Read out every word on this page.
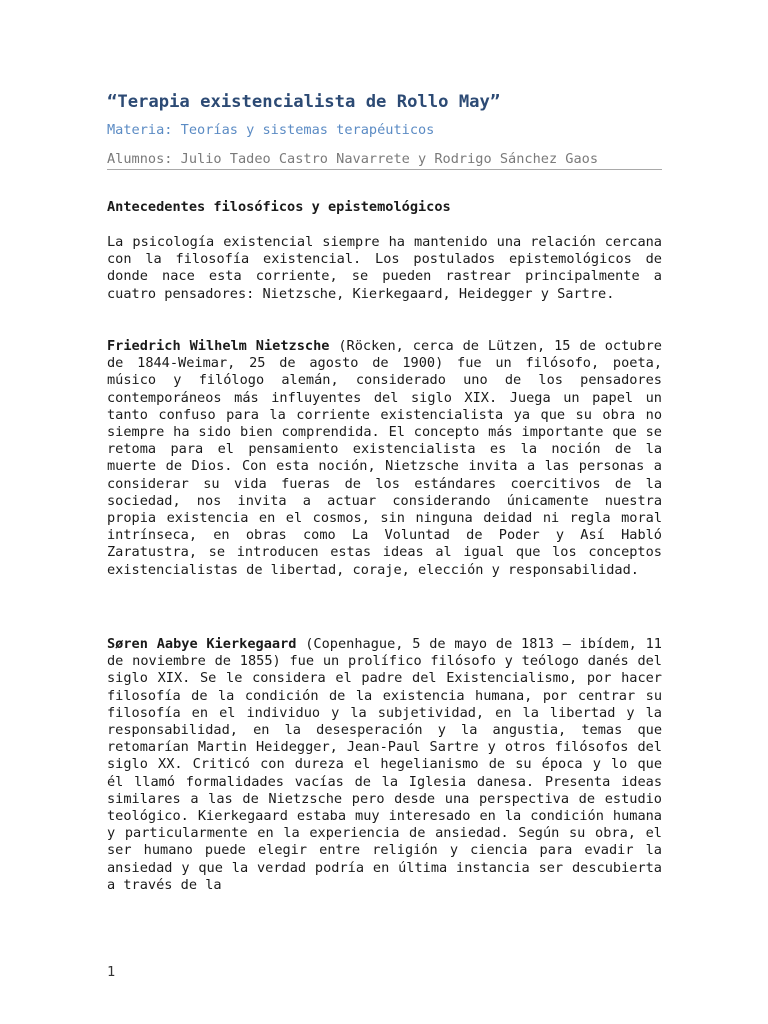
“Terapia existencialista de Rollo May”
Materia: Teorías y sistemas terapéuticos
Alumnos: Julio Tadeo Castro Navarrete y Rodrigo Sánchez Gaos
Antecedentes filosóficos y epistemológicos

La psicología existencial siempre ha mantenido una relación cercana con la filosofía existencial. Los postulados epistemológicos de donde nace esta corriente, se pueden rastrear principalmente a cuatro pensadores: Nietzsche, Kierkegaard, Heidegger y Sartre.

Friedrich Wilhelm Nietzsche (Röcken, cerca de Lützen, 15 de octubre de 1844-Weimar, 25 de agosto de 1900) fue un filósofo, poeta, músico y filólogo alemán, considerado uno de los pensadores contemporáneos más influyentes del siglo XIX. Juega un papel un tanto confuso para la corriente existencialista ya que su obra no siempre ha sido bien comprendida. El concepto más importante que se retoma para el pensamiento existencialista es la noción de la muerte de Dios. Con esta noción, Nietzsche invita a las personas a considerar su vida fueras de los estándares coercitivos de la sociedad, nos invita a actuar considerando únicamente nuestra propia existencia en el cosmos, sin ninguna deidad ni regla moral intrínseca, en obras como La Voluntad de Poder y Así Habló Zaratustra, se introducen estas ideas al igual que los conceptos existencialistas de libertad, coraje, elección y responsabilidad.

Søren Aabye Kierkegaard (Copenhague, 5 de mayo de 1813 – ibídem, 11 de noviembre de 1855) fue un prolífico filósofo y teólogo danés del siglo XIX. Se le considera el padre del Existencialismo, por hacer filosofía de la condición de la existencia humana, por centrar su filosofía en el individuo y la subjetividad, en la libertad y la responsabilidad, en la desesperación y la angustia, temas que retomarían Martin Heidegger, Jean-Paul Sartre y otros filósofos del siglo XX. Criticó con dureza el hegelianismo de su época y lo que él llamó formalidades vacías de la Iglesia danesa. Presenta ideas similares a las de Nietzsche pero desde una perspectiva de estudio teológico. Kierkegaard estaba muy interesado en la condición humana y particularmente en la experiencia de ansiedad. Según su obra, el ser humano puede elegir entre religión y ciencia para evadir la ansiedad y que la verdad podría en última instancia ser descubierta a través de la

1
